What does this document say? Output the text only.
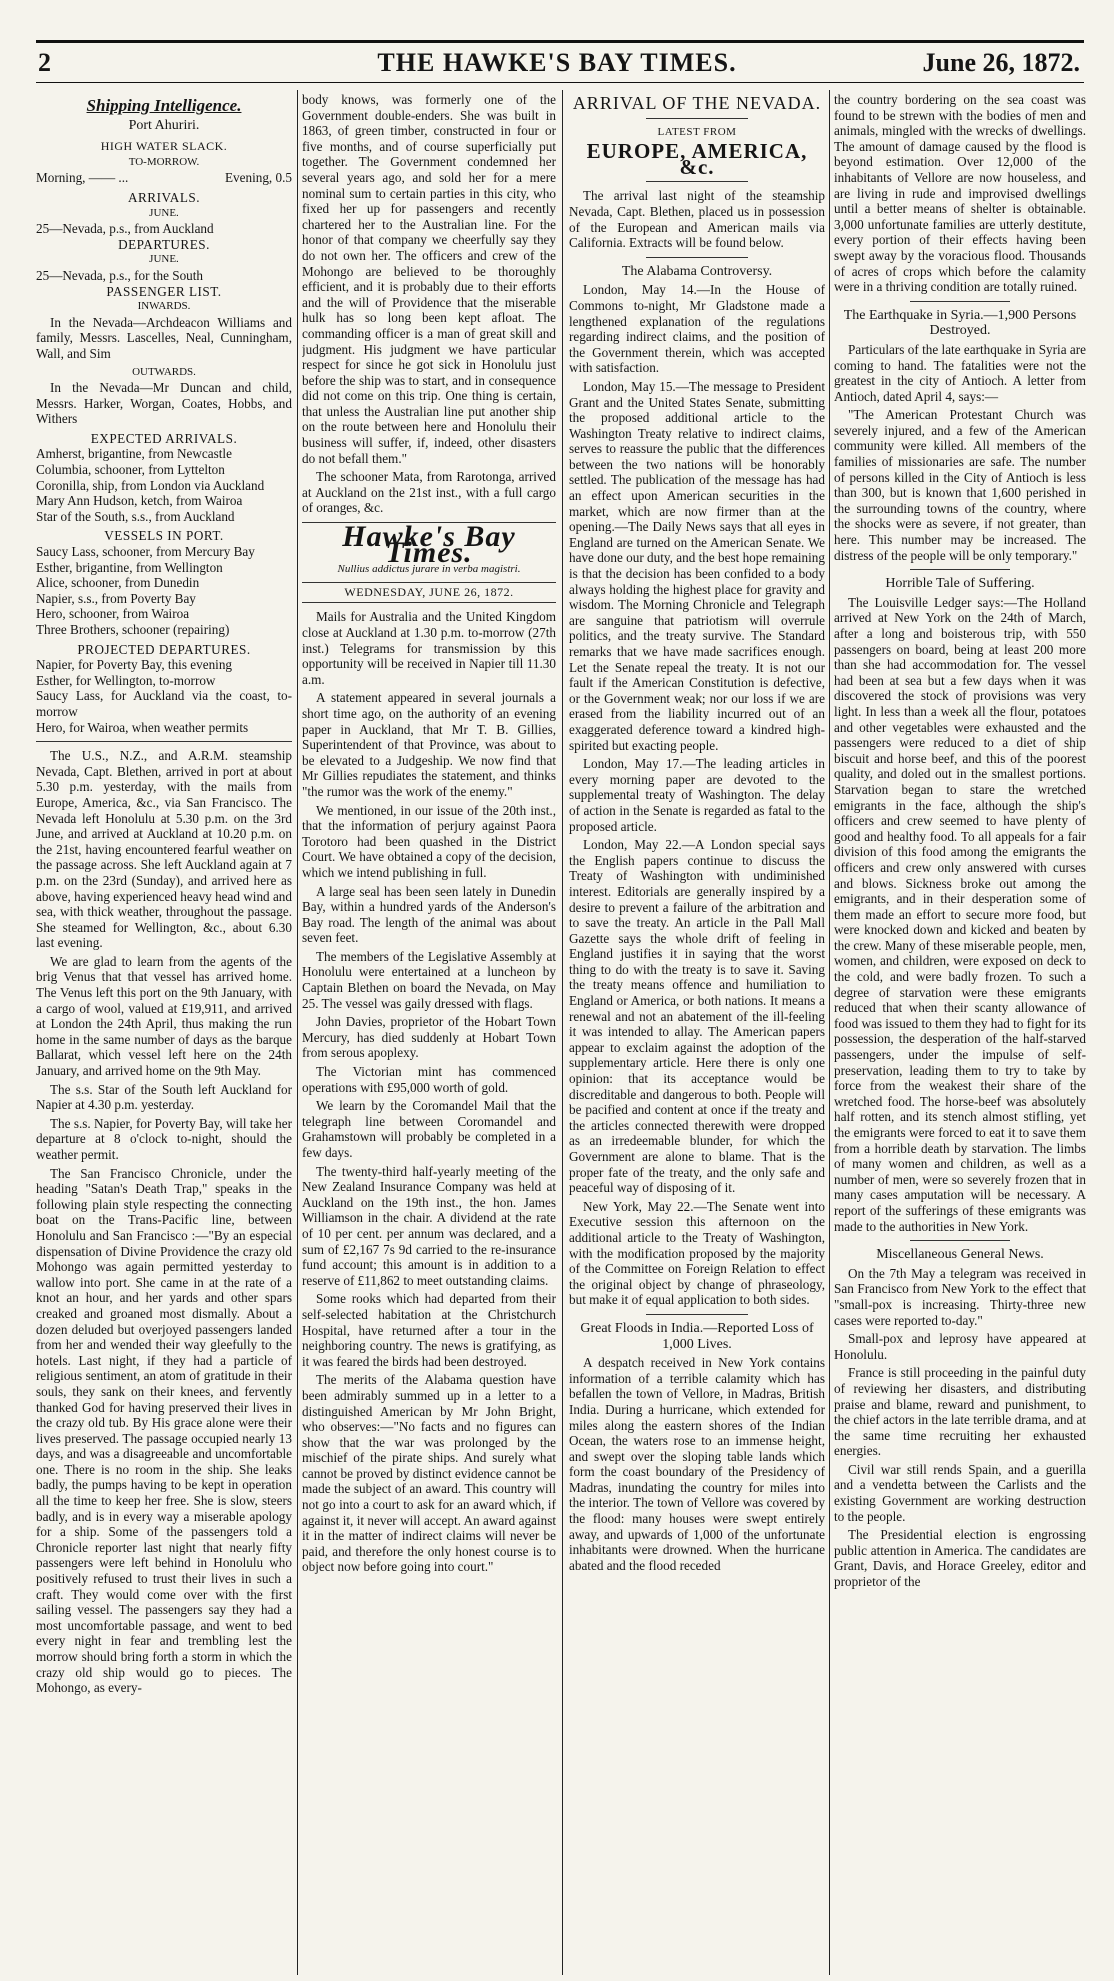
2	THE HAWKE'S BAY TIMES.	June 26, 1872.
Shipping Intelligence.
Port Ahuriri.
HIGH WATER SLACK.
TO-MORROW.
Morning, —— ...	Evening, 0.5
ARRIVALS.
JUNE.

25—Nevada, p.s., from Auckland

DEPARTURES.
JUNE.

25—Nevada, p.s., for the South

PASSENGER LIST.
INWARDS.

In the Nevada—Archdeacon Williams and family, Messrs. Lascelles, Neal, Cunningham, Wall, and Sim

OUTWARDS.

In the Nevada—Mr Duncan and child, Messrs. Harker, Worgan, Coates, Hobbs, and Withers

EXPECTED ARRIVALS.

Amherst, brigantine, from Newcastle

Columbia, schooner, from Lyttelton

Coronilla, ship, from London via Auckland

Mary Ann Hudson, ketch, from Wairoa

Star of the South, s.s., from Auckland

VESSELS IN PORT.

Saucy Lass, schooner, from Mercury Bay

Esther, brigantine, from Wellington

Alice, schooner, from Dunedin

Napier, s.s., from Poverty Bay

Hero, schooner, from Wairoa

Three Brothers, schooner (repairing)

PROJECTED DEPARTURES.

Napier, for Poverty Bay, this evening

Esther, for Wellington, to-morrow

Saucy Lass, for Auckland via the coast, to-morrow

Hero, for Wairoa, when weather permits

The U.S., N.Z., and A.R.M. steamship Nevada, Capt. Blethen, arrived in port at about 5.30 p.m. yesterday, with the mails from Europe, America, &c., via San Francisco. The Nevada left Honolulu at 5.30 p.m. on the 3rd June, and arrived at Auckland at 10.20 p.m. on the 21st, having encountered fearful weather on the passage across. She left Auckland again at 7 p.m. on the 23rd (Sunday), and arrived here as above, having experienced heavy head wind and sea, with thick weather, throughout the passage. She steamed for Wellington, &c., about 6.30 last evening.

We are glad to learn from the agents of the brig Venus that that vessel has arrived home. The Venus left this port on the 9th January, with a cargo of wool, valued at £19,911, and arrived at London the 24th April, thus making the run home in the same number of days as the barque Ballarat, which vessel left here on the 24th January, and arrived home on the 9th May.

The s.s. Star of the South left Auckland for Napier at 4.30 p.m. yesterday.

The s.s. Napier, for Poverty Bay, will take her departure at 8 o'clock to-night, should the weather permit.

The San Francisco Chronicle, under the heading "Satan's Death Trap," speaks in the following plain style respecting the connecting boat on the Trans-Pacific line, between Honolulu and San Francisco :—"By an especial dispensation of Divine Providence the crazy old Mohongo was again permitted yesterday to wallow into port. She came in at the rate of a knot an hour, and her yards and other spars creaked and groaned most dismally. About a dozen deluded but overjoyed passengers landed from her and wended their way gleefully to the hotels. Last night, if they had a particle of religious sentiment, an atom of gratitude in their souls, they sank on their knees, and fervently thanked God for having preserved their lives in the crazy old tub. By His grace alone were their lives preserved. The passage occupied nearly 13 days, and was a disagreeable and uncomfortable one. There is no room in the ship. She leaks badly, the pumps having to be kept in operation all the time to keep her free. She is slow, steers badly, and is in every way a miserable apology for a ship. Some of the passengers told a Chronicle reporter last night that nearly fifty passengers were left behind in Honolulu who positively refused to trust their lives in such a craft. They would come over with the first sailing vessel. The passengers say they had a most uncomfortable passage, and went to bed every night in fear and trembling lest the morrow should bring forth a storm in which the crazy old ship would go to pieces. The Mohongo, as every-

body knows, was formerly one of the Government double-enders. She was built in 1863, of green timber, constructed in four or five months, and of course superficially put together. The Government condemned her several years ago, and sold her for a mere nominal sum to certain parties in this city, who fixed her up for passengers and recently chartered her to the Australian line. For the honor of that company we cheerfully say they do not own her. The officers and crew of the Mohongo are believed to be thoroughly efficient, and it is probably due to their efforts and the will of Providence that the miserable hulk has so long been kept afloat. The commanding officer is a man of great skill and judgment. His judgment we have particular respect for since he got sick in Honolulu just before the ship was to start, and in consequence did not come on this trip. One thing is certain, that unless the Australian line put another ship on the route between here and Honolulu their business will suffer, if, indeed, other disasters do not befall them."

The schooner Mata, from Rarotonga, arrived at Auckland on the 21st inst., with a full cargo of oranges, &c.

Hawke's Bay Times.
Nullius addictus jurare in verba magistri.
WEDNESDAY, JUNE 26, 1872.

Mails for Australia and the United Kingdom close at Auckland at 1.30 p.m. to-morrow (27th inst.) Telegrams for transmission by this opportunity will be received in Napier till 11.30 a.m.

A statement appeared in several journals a short time ago, on the authority of an evening paper in Auckland, that Mr T. B. Gillies, Superintendent of that Province, was about to be elevated to a Judgeship. We now find that Mr Gillies repudiates the statement, and thinks "the rumor was the work of the enemy."

We mentioned, in our issue of the 20th inst., that the information of perjury against Paora Torotoro had been quashed in the District Court. We have obtained a copy of the decision, which we intend publishing in full.

A large seal has been seen lately in Dunedin Bay, within a hundred yards of the Anderson's Bay road. The length of the animal was about seven feet.

The members of the Legislative Assembly at Honolulu were entertained at a luncheon by Captain Blethen on board the Nevada, on May 25. The vessel was gaily dressed with flags.

John Davies, proprietor of the Hobart Town Mercury, has died suddenly at Hobart Town from serous apoplexy.

The Victorian mint has commenced operations with £95,000 worth of gold.

We learn by the Coromandel Mail that the telegraph line between Coromandel and Grahamstown will probably be completed in a few days.

The twenty-third half-yearly meeting of the New Zealand Insurance Company was held at Auckland on the 19th inst., the hon. James Williamson in the chair. A dividend at the rate of 10 per cent. per annum was declared, and a sum of £2,167 7s 9d carried to the re-insurance fund account; this amount is in addition to a reserve of £11,862 to meet outstanding claims.

Some rooks which had departed from their self-selected habitation at the Christchurch Hospital, have returned after a tour in the neighboring country. The news is gratifying, as it was feared the birds had been destroyed.

The merits of the Alabama question have been admirably summed up in a letter to a distinguished American by Mr John Bright, who observes:—"No facts and no figures can show that the war was prolonged by the mischief of the pirate ships. And surely what cannot be proved by distinct evidence cannot be made the subject of an award. This country will not go into a court to ask for an award which, if against it, it never will accept. An award against it in the matter of indirect claims will never be paid, and therefore the only honest course is to object now before going into court."

ARRIVAL OF THE NEVADA.
LATEST FROM
EUROPE, AMERICA, &c.

The arrival last night of the steamship Nevada, Capt. Blethen, placed us in possession of the European and American mails via California. Extracts will be found below.

The Alabama Controversy.

London, May 14.—In the House of Commons to-night, Mr Gladstone made a lengthened explanation of the regulations regarding indirect claims, and the position of the Government therein, which was accepted with satisfaction.

London, May 15.—The message to President Grant and the United States Senate, submitting the proposed additional article to the Washington Treaty relative to indirect claims, serves to reassure the public that the differences between the two nations will be honorably settled. The publication of the message has had an effect upon American securities in the market, which are now firmer than at the opening.—The Daily News says that all eyes in England are turned on the American Senate. We have done our duty, and the best hope remaining is that the decision has been confided to a body always holding the highest place for gravity and wisdom. The Morning Chronicle and Telegraph are sanguine that patriotism will overrule politics, and the treaty survive. The Standard remarks that we have made sacrifices enough. Let the Senate repeal the treaty. It is not our fault if the American Constitution is defective, or the Government weak; nor our loss if we are erased from the liability incurred out of an exaggerated deference toward a kindred high-spirited but exacting people.

London, May 17.—The leading articles in every morning paper are devoted to the supplemental treaty of Washington. The delay of action in the Senate is regarded as fatal to the proposed article.

London, May 22.—A London special says the English papers continue to discuss the Treaty of Washington with undiminished interest. Editorials are generally inspired by a desire to prevent a failure of the arbitration and to save the treaty. An article in the Pall Mall Gazette says the whole drift of feeling in England justifies it in saying that the worst thing to do with the treaty is to save it. Saving the treaty means offence and humiliation to England or America, or both nations. It means a renewal and not an abatement of the ill-feeling it was intended to allay. The American papers appear to exclaim against the adoption of the supplementary article. Here there is only one opinion: that its acceptance would be discreditable and dangerous to both. People will be pacified and content at once if the treaty and the articles connected therewith were dropped as an irredeemable blunder, for which the Government are alone to blame. That is the proper fate of the treaty, and the only safe and peaceful way of disposing of it.

New York, May 22.—The Senate went into Executive session this afternoon on the additional article to the Treaty of Washington, with the modification proposed by the majority of the Committee on Foreign Relation to effect the original object by change of phraseology, but make it of equal application to both sides.

Great Floods in India.—Reported Loss of 1,000 Lives.

A despatch received in New York contains information of a terrible calamity which has befallen the town of Vellore, in Madras, British India. During a hurricane, which extended for miles along the eastern shores of the Indian Ocean, the waters rose to an immense height, and swept over the sloping table lands which form the coast boundary of the Presidency of Madras, inundating the country for miles into the interior. The town of Vellore was covered by the flood: many houses were swept entirely away, and upwards of 1,000 of the unfortunate inhabitants were drowned. When the hurricane abated and the flood receded

the country bordering on the sea coast was found to be strewn with the bodies of men and animals, mingled with the wrecks of dwellings. The amount of damage caused by the flood is beyond estimation. Over 12,000 of the inhabitants of Vellore are now houseless, and are living in rude and improvised dwellings until a better means of shelter is obtainable. 3,000 unfortunate families are utterly destitute, every portion of their effects having been swept away by the voracious flood. Thousands of acres of crops which before the calamity were in a thriving condition are totally ruined.

The Earthquake in Syria.—1,900 Persons Destroyed.

Particulars of the late earthquake in Syria are coming to hand. The fatalities were not the greatest in the city of Antioch. A letter from Antioch, dated April 4, says:—

"The American Protestant Church was severely injured, and a few of the American community were killed. All members of the families of missionaries are safe. The number of persons killed in the City of Antioch is less than 300, but is known that 1,600 perished in the surrounding towns of the country, where the shocks were as severe, if not greater, than here. This number may be increased. The distress of the people will be only temporary."

Horrible Tale of Suffering.

The Louisville Ledger says:—The Holland arrived at New York on the 24th of March, after a long and boisterous trip, with 550 passengers on board, being at least 200 more than she had accommodation for. The vessel had been at sea but a few days when it was discovered the stock of provisions was very light. In less than a week all the flour, potatoes and other vegetables were exhausted and the passengers were reduced to a diet of ship biscuit and horse beef, and this of the poorest quality, and doled out in the smallest portions. Starvation began to stare the wretched emigrants in the face, although the ship's officers and crew seemed to have plenty of good and healthy food. To all appeals for a fair division of this food among the emigrants the officers and crew only answered with curses and blows. Sickness broke out among the emigrants, and in their desperation some of them made an effort to secure more food, but were knocked down and kicked and beaten by the crew. Many of these miserable people, men, women, and children, were exposed on deck to the cold, and were badly frozen. To such a degree of starvation were these emigrants reduced that when their scanty allowance of food was issued to them they had to fight for its possession, the desperation of the half-starved passengers, under the impulse of self-preservation, leading them to try to take by force from the weakest their share of the wretched food. The horse-beef was absolutely half rotten, and its stench almost stifling, yet the emigrants were forced to eat it to save them from a horrible death by starvation. The limbs of many women and children, as well as a number of men, were so severely frozen that in many cases amputation will be necessary. A report of the sufferings of these emigrants was made to the authorities in New York.

Miscellaneous General News.

On the 7th May a telegram was received in San Francisco from New York to the effect that "small-pox is increasing. Thirty-three new cases were reported to-day."

Small-pox and leprosy have appeared at Honolulu.

France is still proceeding in the painful duty of reviewing her disasters, and distributing praise and blame, reward and punishment, to the chief actors in the late terrible drama, and at the same time recruiting her exhausted energies.

Civil war still rends Spain, and a guerilla and a vendetta between the Carlists and the existing Government are working destruction to the people.

The Presidential election is engrossing public attention in America. The candidates are Grant, Davis, and Horace Greeley, editor and proprietor of the
